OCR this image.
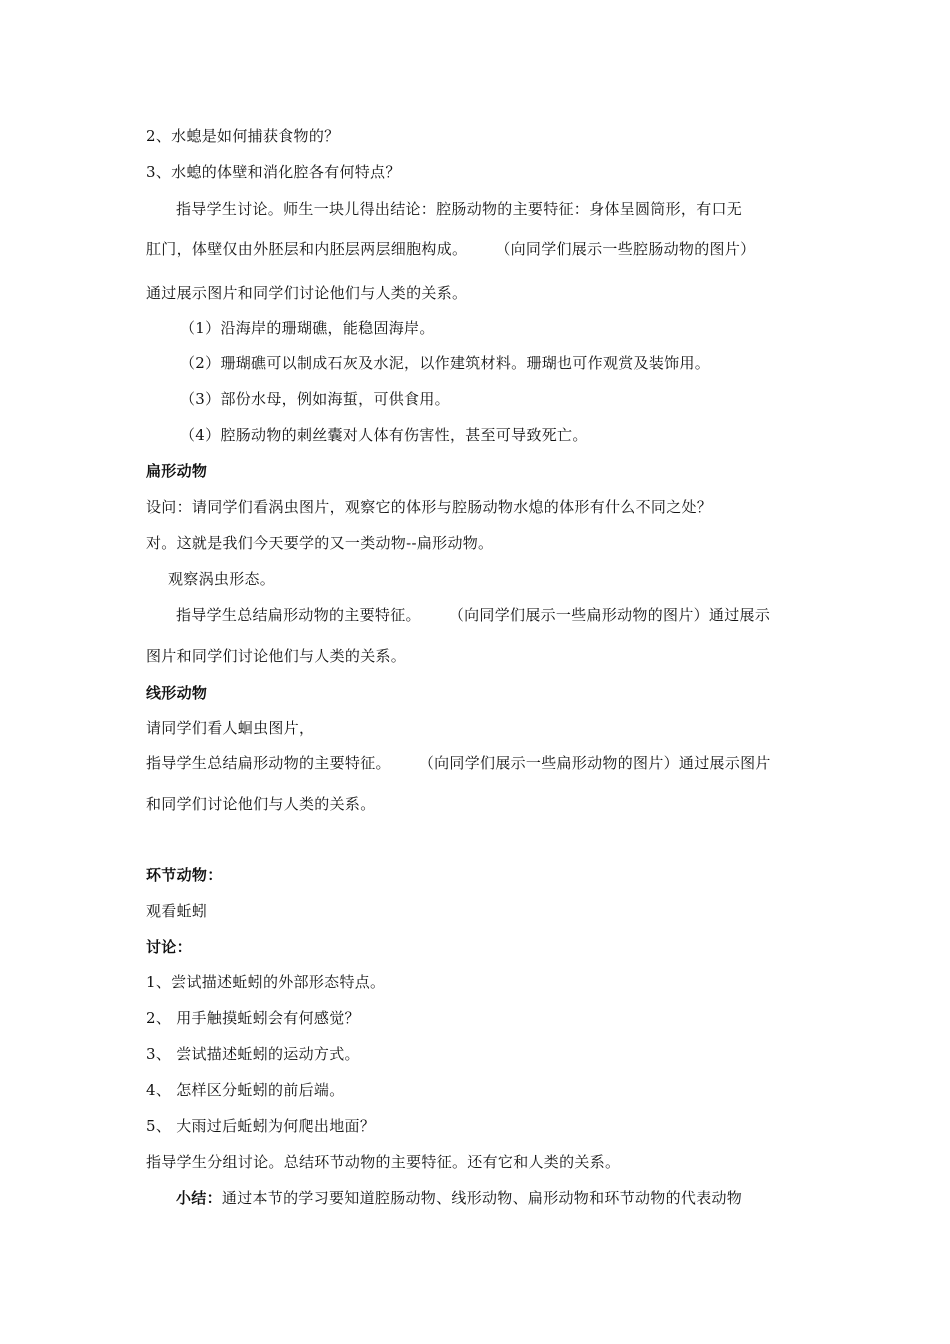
2、水螅是如何捕获食物的？
3、水螅的体壁和消化腔各有何特点？
指导学生讨论。师生一块儿得出结论：腔肠动物的主要特征：身体呈圆筒形，有口无
肛门，体壁仅由外胚层和内胚层两层细胞构成。 （向同学们展示一些腔肠动物的图片）
通过展示图片和同学们讨论他们与人类的关系。
（1）沿海岸的珊瑚礁，能稳固海岸。
（2）珊瑚礁可以制成石灰及水泥，以作建筑材料。珊瑚也可作观赏及装饰用。
（3）部份水母，例如海蜇，可供食用。
（4）腔肠动物的刺丝囊对人体有伤害性，甚至可导致死亡。
扁形动物
设问：请同学们看涡虫图片，观察它的体形与腔肠动物水熄的体形有什么不同之处？
对。这就是我们今天要学的又一类动物--扁形动物。
观察涡虫形态。
指导学生总结扁形动物的主要特征。 （向同学们展示一些扁形动物的图片）通过展示
图片和同学们讨论他们与人类的关系。
线形动物
请同学们看人蛔虫图片，
指导学生总结扁形动物的主要特征。 （向同学们展示一些扁形动物的图片）通过展示图片
和同学们讨论他们与人类的关系。
环节动物：
观看蚯蚓
讨论：
1、尝试描述蚯蚓的外部形态特点。
2、 用手触摸蚯蚓会有何感觉？
3、 尝试描述蚯蚓的运动方式。
4、 怎样区分蚯蚓的前后端。
5、 大雨过后蚯蚓为何爬出地面？
指导学生分组讨论。总结环节动物的主要特征。还有它和人类的关系。
小结：通过本节的学习要知道腔肠动物、线形动物、扁形动物和环节动物的代表动物
